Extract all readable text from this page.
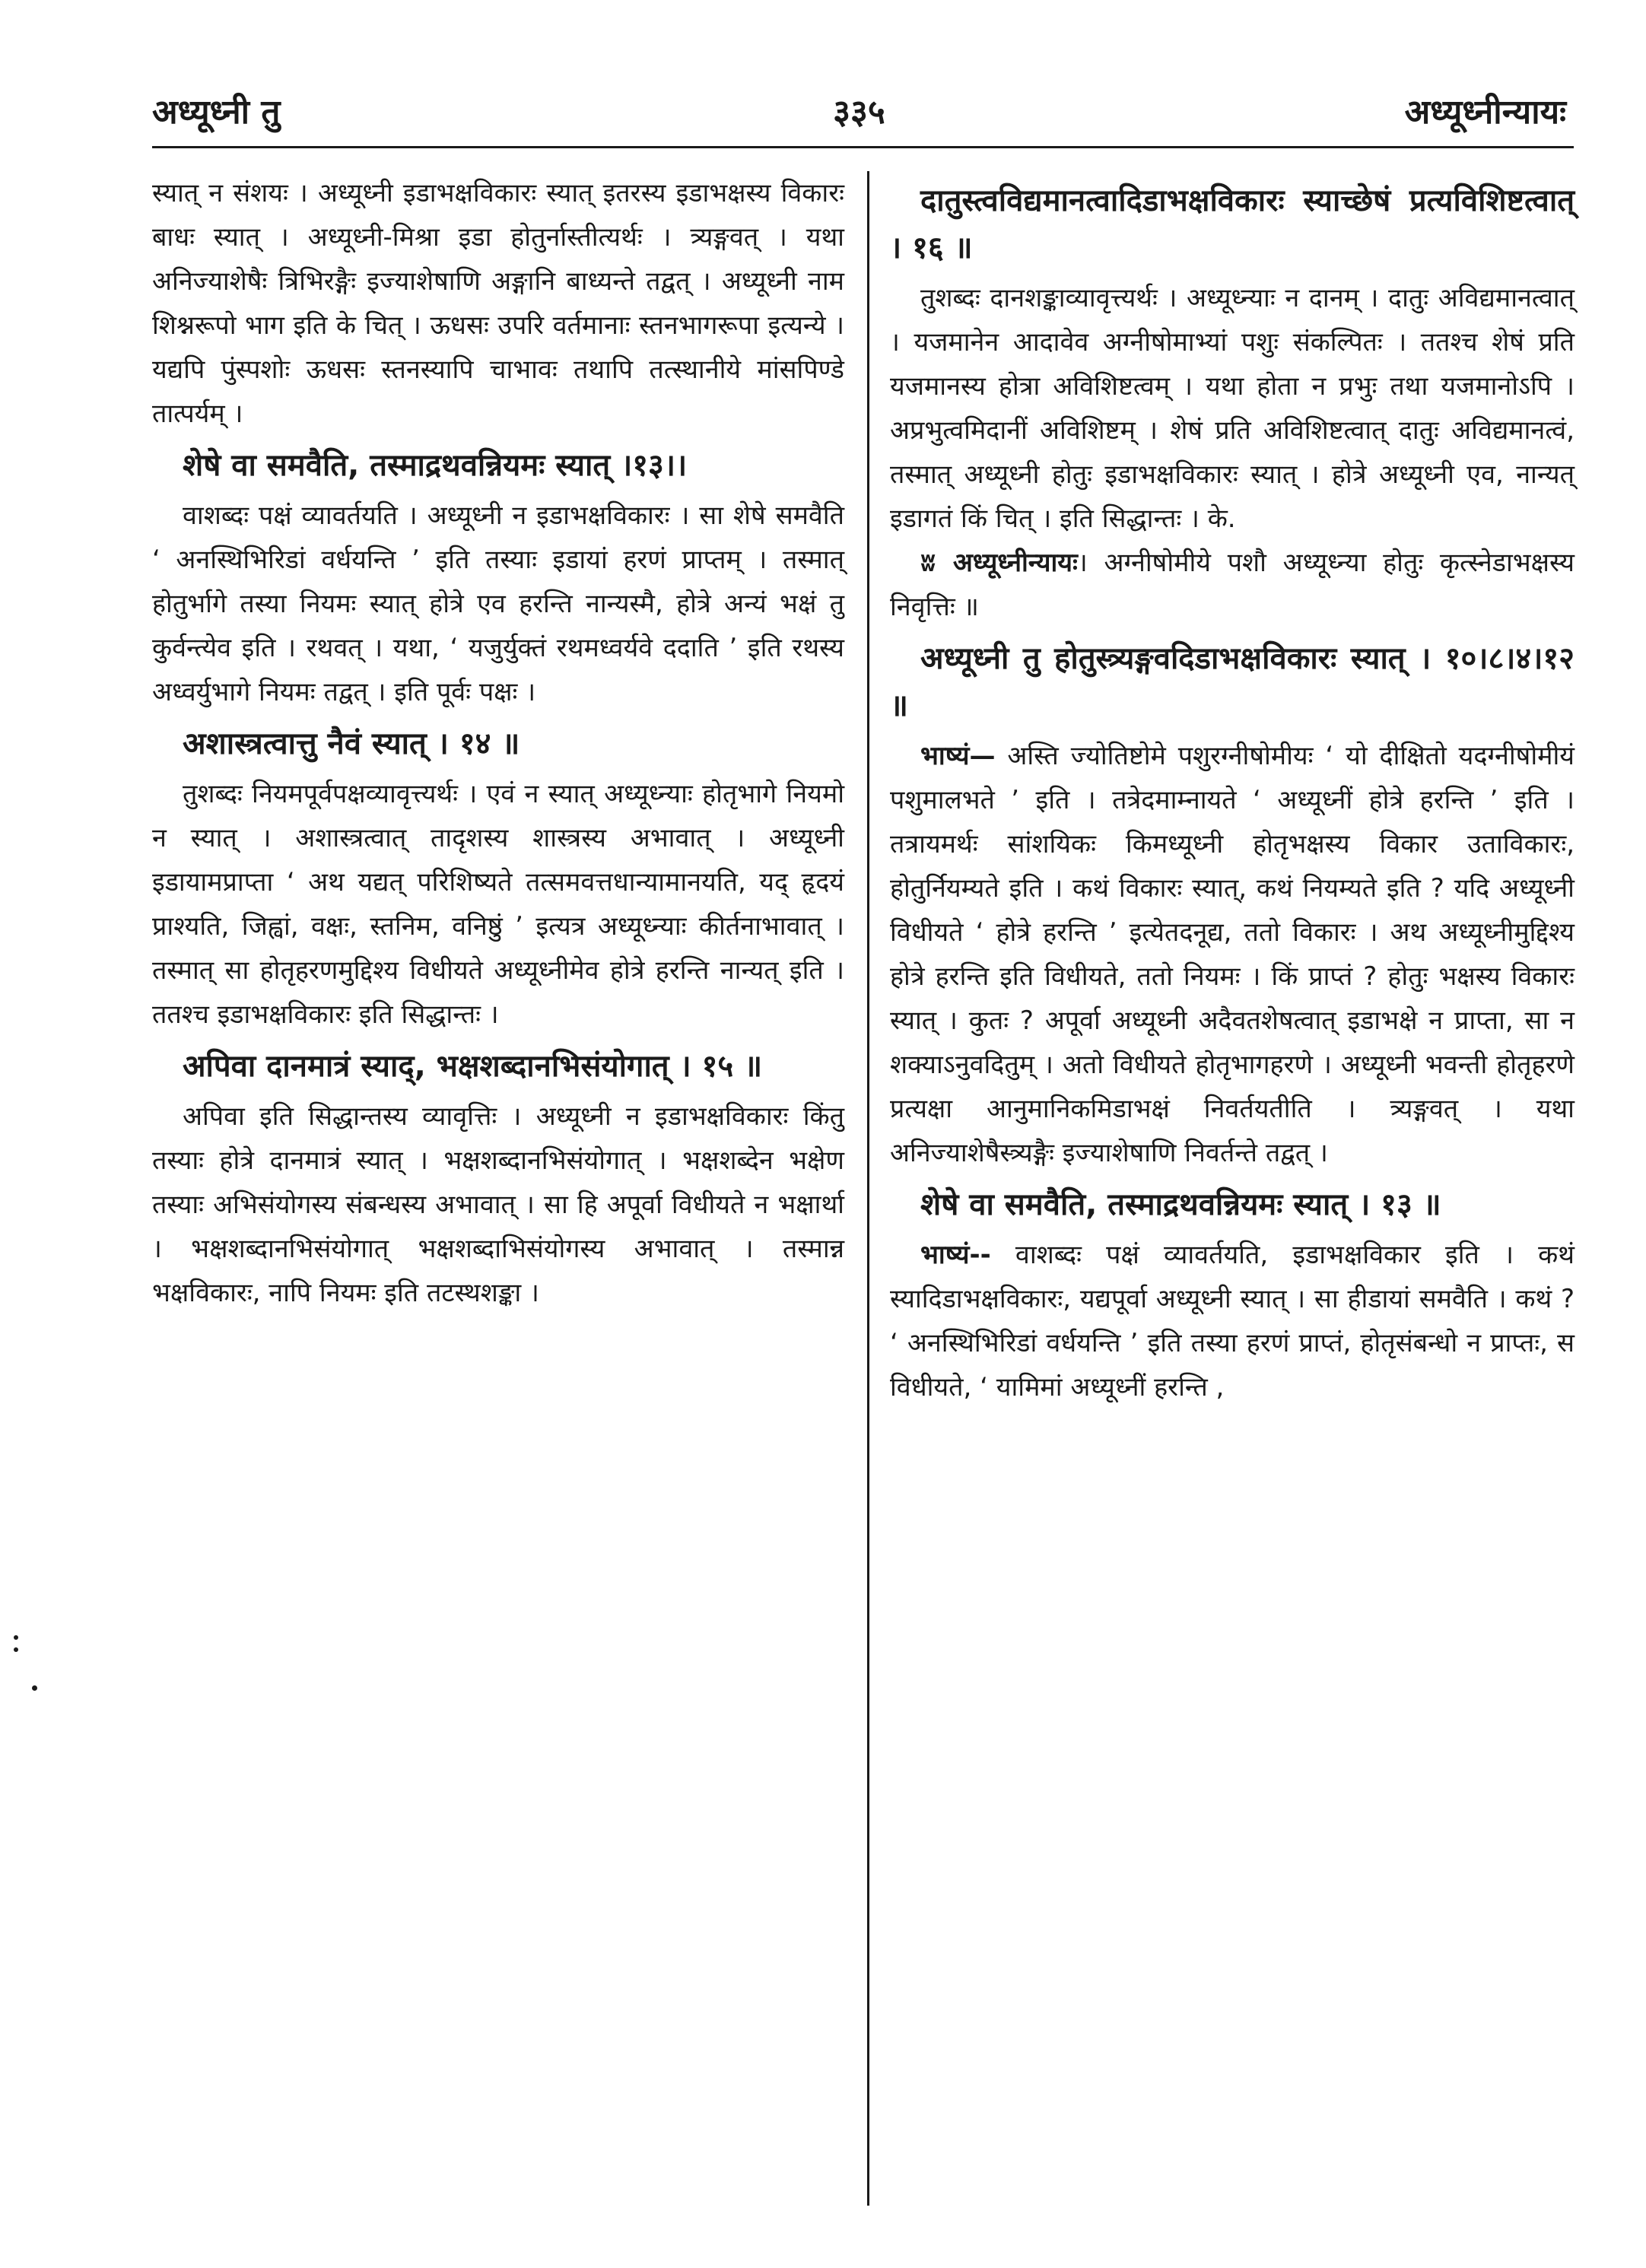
अध्यूध्नी तु	३३५	अध्यूध्नीन्यायः

स्यात् न संशयः । अध्यूध्नी इडाभक्षविकारः स्यात् इतरस्य इडाभक्षस्य विकारः बाधः स्यात् । अध्यूध्नी-मिश्रा इडा होतुर्नास्तीत्यर्थः । त्र्यङ्गवत् । यथा अनिज्याशेषैः त्रिभिरङ्गैः इज्याशेषाणि अङ्गानि बाध्यन्ते तद्वत् । अध्यूध्नी नाम शिश्नरूपो भाग इति के चित् । ऊधसः उपरि वर्तमानाः स्तनभागरूपा इत्यन्ये । यद्यपि पुंस्पशोः ऊधसः स्तनस्यापि चाभावः तथापि तत्स्थानीये मांसपिण्डे तात्पर्यम् ।

शेषे वा समवैति, तस्माद्रथवन्नियमः स्यात् ।१३।।

वाशब्दः पक्षं व्यावर्तयति । अध्यूध्नी न इडाभक्षविकारः । सा शेषे समवैति ‘ अनस्थिभिरिडां वर्धयन्ति ’ इति तस्याः इडायां हरणं प्राप्तम् । तस्मात् होतुर्भागे तस्या नियमः स्यात् होत्रे एव हरन्ति नान्यस्मै, होत्रे अन्यं भक्षं तु कुर्वन्त्येव इति । रथवत् । यथा, ‘ यजुर्युक्तं रथमध्वर्यवे ददाति ’ इति रथस्य अध्वर्युभागे नियमः तद्वत् । इति पूर्वः पक्षः ।

अशास्त्रत्वात्तु नैवं स्यात् । १४ ॥

तुशब्दः नियमपूर्वपक्षव्यावृत्त्यर्थः । एवं न स्यात् अध्यूध्न्याः होतृभागे नियमो न स्यात् । अशास्त्रत्वात् तादृशस्य शास्त्रस्य अभावात् । अध्यूध्नी इडायामप्राप्ता ‘ अथ यद्यत् परिशिष्यते तत्समवत्तधान्यामानयति, यद् हृदयं प्राश्यति, जिह्वां, वक्षः, स्तनिम, वनिष्ठुं ’ इत्यत्र अध्यूध्न्याः कीर्तनाभावात् । तस्मात् सा होतृहरणमुद्दिश्य विधीयते अध्यूध्नीमेव होत्रे हरन्ति नान्यत् इति । ततश्च इडाभक्षविकारः इति सिद्धान्तः ।

अपिवा दानमात्रं स्याद्, भक्षशब्दानभिसंयोगात् । १५ ॥

अपिवा इति सिद्धान्तस्य व्यावृत्तिः । अध्यूध्नी न इडाभक्षविकारः किंतु तस्याः होत्रे दानमात्रं स्यात् । भक्षशब्दानभिसंयोगात् । भक्षशब्देन भक्षेण तस्याः अभिसंयोगस्य संबन्धस्य अभावात् । सा हि अपूर्वा विधीयते न भक्षार्था । भक्षशब्दानभिसंयोगात् भक्षशब्दाभिसंयोगस्य अभावात् । तस्मान्न भक्षविकारः, नापि नियमः इति तटस्थशङ्का ।

दातुस्त्वविद्यमानत्वादिडाभक्षविकारः स्याच्छेषं प्रत्यविशिष्टत्वात् । १६ ॥

तुशब्दः दानशङ्काव्यावृत्त्यर्थः । अध्यूध्न्याः न दानम् । दातुः अविद्यमानत्वात् । यजमानेन आदावेव अग्नीषोमाभ्यां पशुः संकल्पितः । ततश्च शेषं प्रति यजमानस्य होत्रा अविशिष्टत्वम् । यथा होता न प्रभुः तथा यजमानोऽपि । अप्रभुत्वमिदानीं अविशिष्टम् । शेषं प्रति अविशिष्टत्वात् दातुः अविद्यमानत्वं, तस्मात् अध्यूध्नी होतुः इडाभक्षविकारः स्यात् । होत्रे अध्यूध्नी एव, नान्यत् इडागतं किं चित् । इति सिद्धान्तः । के.

ʬ अध्यूध्नीन्यायः। अग्नीषोमीये पशौ अध्यूध्न्या होतुः कृत्स्नेडाभक्षस्य निवृत्तिः ॥

अध्यूध्नी तु होतुस्त्र्यङ्गवदिडाभक्षविकारः स्यात् । १०।८।४।१२ ॥

भाष्यं— अस्ति ज्योतिष्टोमे पशुरग्नीषोमीयः ‘ यो दीक्षितो यदग्नीषोमीयं पशुमालभते ’ इति । तत्रेदमाम्नायते ‘ अध्यूध्नीं होत्रे हरन्ति ’ इति । तत्रायमर्थः सांशयिकः किमध्यूध्नी होतृभक्षस्य विकार उताविकारः, होतुर्नियम्यते इति । कथं विकारः स्यात्, कथं नियम्यते इति ? यदि अध्यूध्नी विधीयते ‘ होत्रे हरन्ति ’ इत्येतदनूद्य, ततो विकारः । अथ अध्यूध्नीमुद्दिश्य होत्रे हरन्ति इति विधीयते, ततो नियमः । किं प्राप्तं ? होतुः भक्षस्य विकारः स्यात् । कुतः ? अपूर्वा अध्यूध्नी अदैवतशेषत्वात् इडाभक्षे न प्राप्ता, सा न शक्याऽनुवदितुम् । अतो विधीयते होतृभागहरणे । अध्यूध्नी भवन्ती होतृहरणे प्रत्यक्षा आनुमानिकमिडाभक्षं निवर्तयतीति । त्र्यङ्गवत् । यथा अनिज्याशेषैस्त्र्यङ्गैः इज्याशेषाणि निवर्तन्ते तद्वत् ।

शेषे वा समवैति, तस्माद्रथवन्नियमः स्यात् । १३ ॥

भाष्यं-- वाशब्दः पक्षं व्यावर्तयति, इडाभक्षविकार इति । कथं स्यादिडाभक्षविकारः, यद्यपूर्वा अध्यूध्नी स्यात् । सा हीडायां समवैति । कथं ? ‘ अनस्थिभिरिडां वर्धयन्ति ’ इति तस्या हरणं प्राप्तं, होतृसंबन्धो न प्राप्तः, स विधीयते, ‘ यामिमां अध्यूध्नीं हरन्ति ,
